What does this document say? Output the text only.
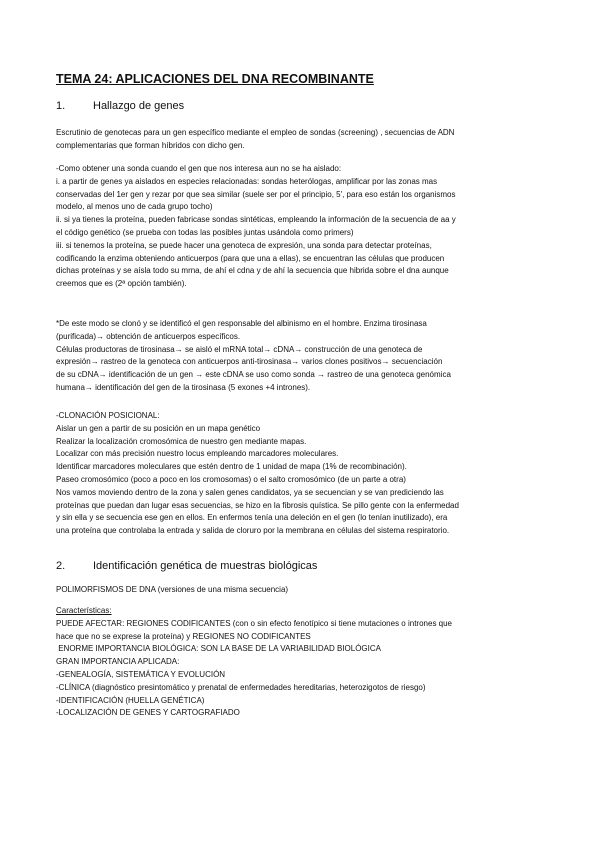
TEMA 24: APLICACIONES DEL DNA RECOMBINANTE
1.	Hallazgo de genes
Escrutinio de genotecas para un gen específico mediante el empleo de sondas (screening) , secuencias de ADN
complementarias que forman híbridos con dicho gen.
-Como obtener una sonda cuando el gen que nos interesa aun no se ha aislado:
i. a partir de genes ya aislados en especies relacionadas: sondas heterólogas, amplificar por las zonas mas
conservadas del 1er gen y rezar por que sea similar (suele ser por el principio, 5', para eso están los organismos
modelo, al menos uno de cada grupo tocho)
ii. si ya tienes la proteína, pueden fabricase sondas sintéticas, empleando la información de la secuencia de aa y
el código genético (se prueba con todas las posibles juntas usándola como primers)
iii. si tenemos la proteína, se puede hacer una genoteca de expresión, una sonda para detectar proteínas,
codificando la enzima obteniendo anticuerpos (para que una a ellas), se encuentran las células que producen
dichas proteínas y se aísla todo su mrna, de ahí el cdna y de ahí la secuencia que hibrida sobre el dna aunque
creemos que es (2ª opción también).
*De este modo se clonó y se identificó el gen responsable del albinismo en el hombre. Enzima tirosinasa
(purificada)→ obtención de anticuerpos específicos.
Células productoras de tirosinasa→ se aisló el mRNA total→ cDNA→ construcción de una genoteca de
expresión→ rastreo de la genoteca con anticuerpos anti-tirosinasa→ varios clones positivos→ secuenciación
de su cDNA→ identificación de un gen → este cDNA se uso como sonda → rastreo de una genoteca genómica
humana→ identificación del gen de la tirosinasa (5 exones +4 intrones).
-CLONACIÓN POSICIONAL:
Aislar un gen a partir de su posición en un mapa genético
Realizar la localización cromosómica de nuestro gen mediante mapas.
Localizar con más precisión nuestro locus empleando marcadores moleculares.
Identificar marcadores moleculares que estén dentro de 1 unidad de mapa (1% de recombinación).
Paseo cromosómico (poco a poco en los cromosomas) o el salto cromosómico (de un parte a otra)
Nos vamos moviendo dentro de la zona y salen genes candidatos, ya se secuencian y se van prediciendo las
proteínas que puedan dan lugar esas secuencias, se hizo en la fibrosis quística. Se pillo gente con la enfermedad
y sin ella y se secuencia ese gen en ellos. En enfermos tenía una deleción en el gen (lo tenían inutilizado), era
una proteína que controlaba la entrada y salida de cloruro por la membrana en células del sistema respiratorio.
2.	Identificación genética de muestras biológicas
POLIMORFISMOS DE DNA (versiones de una misma secuencia)
Características:
PUEDE AFECTAR: REGIONES CODIFICANTES (con o sin efecto fenotípico si tiene mutaciones o intrones que
hace que no se exprese la proteína) y REGIONES NO CODIFICANTES
ENORME IMPORTANCIA BIOLÓGICA: SON LA BASE DE LA VARIABILIDAD BIOLÓGICA
GRAN IMPORTANCIA APLICADA:
-GENEALOGÍA, SISTEMÁTICA Y EVOLUCIÓN
-CLÍNICA (diagnóstico presintomático y prenatal de enfermedades hereditarias, heterozigotos de riesgo)
-IDENTIFICACIÓN (HUELLA GENÉTICA)
-LOCALIZACIÓN DE GENES Y CARTOGRAFIADO
